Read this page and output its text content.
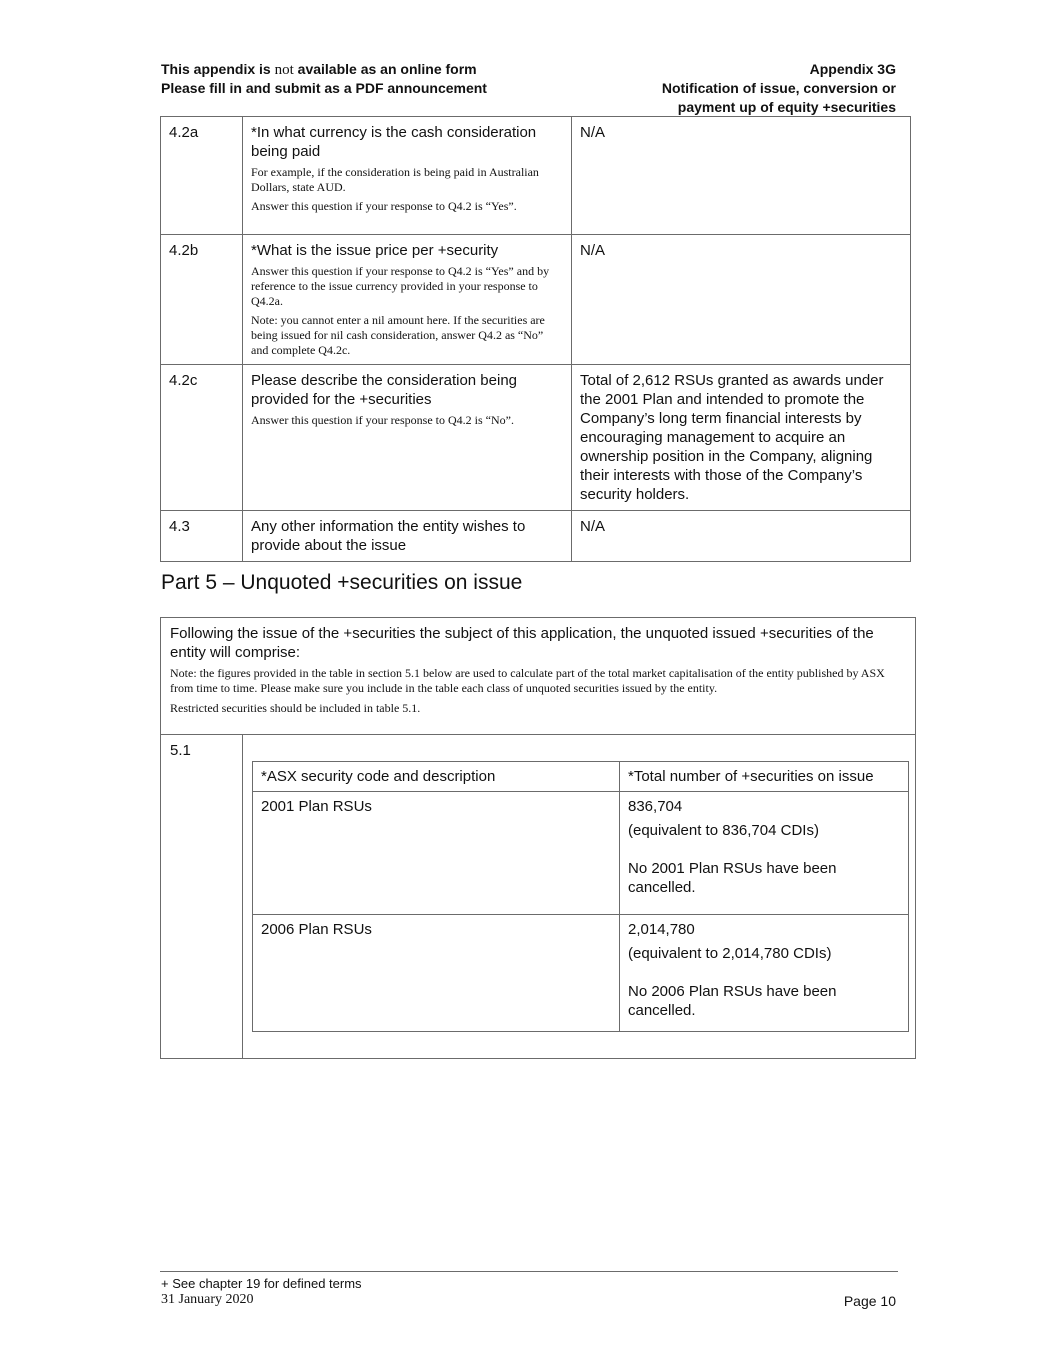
This appendix is not available as an online form
Please fill in and submit as a PDF announcement
Appendix 3G
Notification of issue, conversion or
payment up of equity +securities
4.2a	*In what currency is the cash consideration being paid
For example, if the consideration is being paid in Australian Dollars, state AUD.
Answer this question if your response to Q4.2 is “Yes”.	N/A
4.2b	*What is the issue price per +security
Answer this question if your response to Q4.2 is “Yes” and by reference to the issue currency provided in your response to Q4.2a.
Note: you cannot enter a nil amount here. If the securities are being issued for nil cash consideration, answer Q4.2 as “No” and complete Q4.2c.	N/A
4.2c	Please describe the consideration being provided for the +securities
Answer this question if your response to Q4.2 is “No”.	Total of 2,612 RSUs granted as awards under the 2001 Plan and intended to promote the Company’s long term financial interests by encouraging management to acquire an ownership position in the Company, aligning their interests with those of the Company’s security holders.
4.3	Any other information the entity wishes to provide about the issue	N/A
Part 5 – Unquoted +securities on issue
Following the issue of the +securities the subject of this application, the unquoted issued +securities of the entity will comprise:
Note: the figures provided in the table in section 5.1 below are used to calculate part of the total market capitalisation of the entity published by ASX from time to time. Please make sure you include in the table each class of unquoted securities issued by the entity.
Restricted securities should be included in table 5.1.
5.1
*ASX security code and description	*Total number of +securities on issue
2001 Plan RSUs	836,704
(equivalent to 836,704 CDIs)
No 2001 Plan RSUs have been cancelled.

2006 Plan RSUs	2,014,780
(equivalent to 2,014,780 CDIs)
No 2006 Plan RSUs have been cancelled.
+ See chapter 19 for defined terms
31 January 2020	Page 10
